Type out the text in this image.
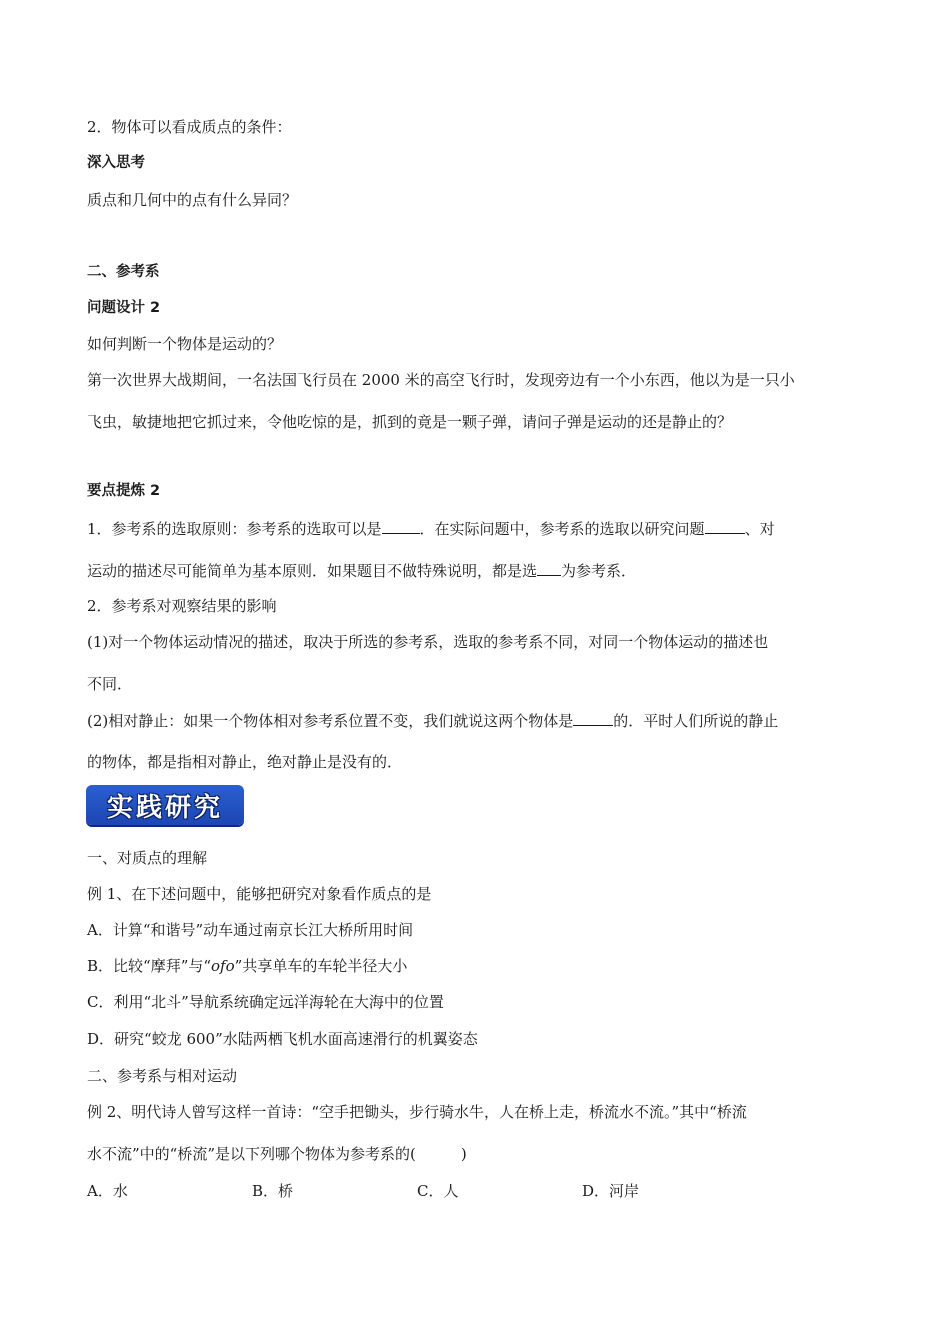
2．物体可以看成质点的条件：
深入思考
质点和几何中的点有什么异同？
二、参考系
问题设计 2
如何判断一个物体是运动的？
第一次世界大战期间，一名法国飞行员在 2000 米的高空飞行时，发现旁边有一个小东西，他以为是一只小
飞虫，敏捷地把它抓过来，令他吃惊的是，抓到的竟是一颗子弹，请问子弹是运动的还是静止的？
要点提炼 2
1．参考系的选取原则：参考系的选取可以是	．在实际问题中，参考系的选取以研究问题	、对
运动的描述尽可能简单为基本原则．如果题目不做特殊说明，都是选 为参考系．
2．参考系对观察结果的影响
(1)对一个物体运动情况的描述，取决于所选的参考系，选取的参考系不同，对同一个物体运动的描述也
不同．
(2)相对静止：如果一个物体相对参考系位置不变，我们就说这两个物体是	的．平时人们所说的静止
的物体，都是指相对静止，绝对静止是没有的．
实践研究
一、对质点的理解
例 1、在下述问题中，能够把研究对象看作质点的是
A．计算“和谐号”动车通过南京长江大桥所用时间
B．比较“摩拜”与“ofo”共享单车的车轮半径大小
C．利用“北斗”导航系统确定远洋海轮在大海中的位置
D．研究“蛟龙 600”水陆两栖飞机水面高速滑行的机翼姿态
二、参考系与相对运动
例 2、明代诗人曾写这样一首诗：“空手把锄头，步行骑水牛，人在桥上走，桥流水不流。”其中“桥流
水不流”中的“桥流”是以下列哪个物体为参考系的(　　　)
A．水	B．桥	C．人	D．河岸
